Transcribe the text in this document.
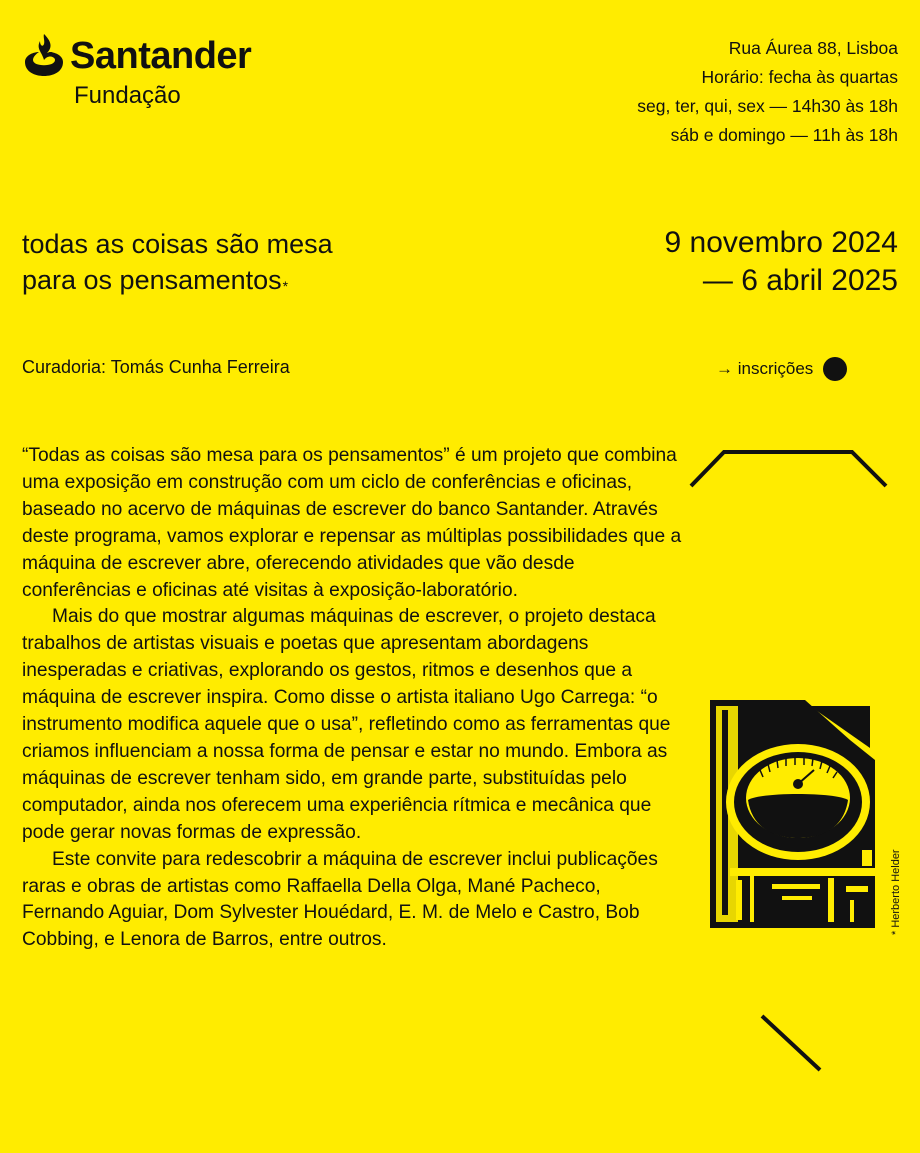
Santander
Fundação
Rua Áurea 88, Lisboa
Horário: fecha às quartas
seg, ter, qui, sex — 14h30 às 18h
sáb e domingo — 11h às 18h
todas as coisas são mesa
para os pensamentos*
9 novembro 2024
— 6 abril 2025
Curadoria: Tomás Cunha Ferreira	→ inscrições

“Todas as coisas são mesa para os pensamentos” é um projeto que combina uma exposição em construção com um ciclo de conferências e oficinas, baseado no acervo de máquinas de escrever do banco Santander. Através deste programa, vamos explorar e repensar as múltiplas possibilidades que a máquina de escrever abre, oferecendo atividades que vão desde conferências e oficinas até visitas à exposição-laboratório.

Mais do que mostrar algumas máquinas de escrever, o projeto destaca trabalhos de artistas visuais e poetas que apresentam abordagens inesperadas e criativas, explorando os gestos, ritmos e desenhos que a máquina de escrever inspira. Como disse o artista italiano Ugo Carrega: “o instrumento modifica aquele que o usa”, refletindo como as ferramentas que criamos influenciam a nossa forma de pensar e estar no mundo. Embora as máquinas de escrever tenham sido, em grande parte, substituídas pelo computador, ainda nos oferecem uma experiência rítmica e mecânica que pode gerar novas formas de expressão.

Este convite para redescobrir a máquina de escrever inclui publicações raras e obras de artistas como Raffaella Della Olga, Mané Pacheco, Fernando Aguiar, Dom Sylvester Houédard, E. M. de Melo e Castro, Bob Cobbing, e Lenora de Barros, entre outros.

* Herberto Helder
